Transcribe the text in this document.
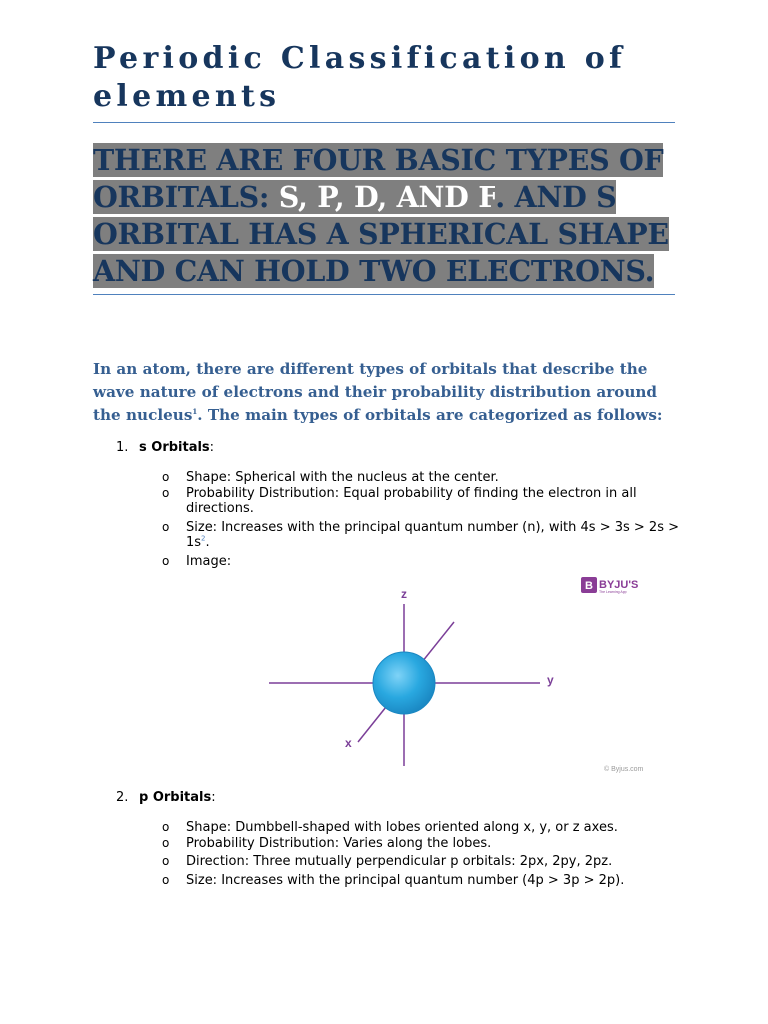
Periodic Classification of elements

THERE ARE FOUR BASIC TYPES OF ORBITALS: S, P, D, AND F. AND S ORBITAL HAS A SPHERICAL SHAPE AND CAN HOLD TWO ELECTRONS.

In an atom, there are different types of orbitals that describe the wave nature of electrons and their probability distribution around the nucleus$^1$. The main types of orbitals are categorized as follows:

1. s Orbitals:
o Shape: Spherical with the nucleus at the center.
o Probability Distribution: Equal probability of finding the electron in all directions.
o Size: Increases with the principal quantum number (n), with $4s > 3s > 2s > 1s^2$.
o Image:
z
y
x
B BYJU'S
The Learning App
© Byjus.com
2. p Orbitals:
o Shape: Dumbbell-shaped with lobes oriented along x, y, or z axes.
o Probability Distribution: Varies along the lobes.
o Direction: Three mutually perpendicular p orbitals: 2px, 2py, 2pz.
o Size: Increases with the principal quantum number (4p > 3p > 2p).
